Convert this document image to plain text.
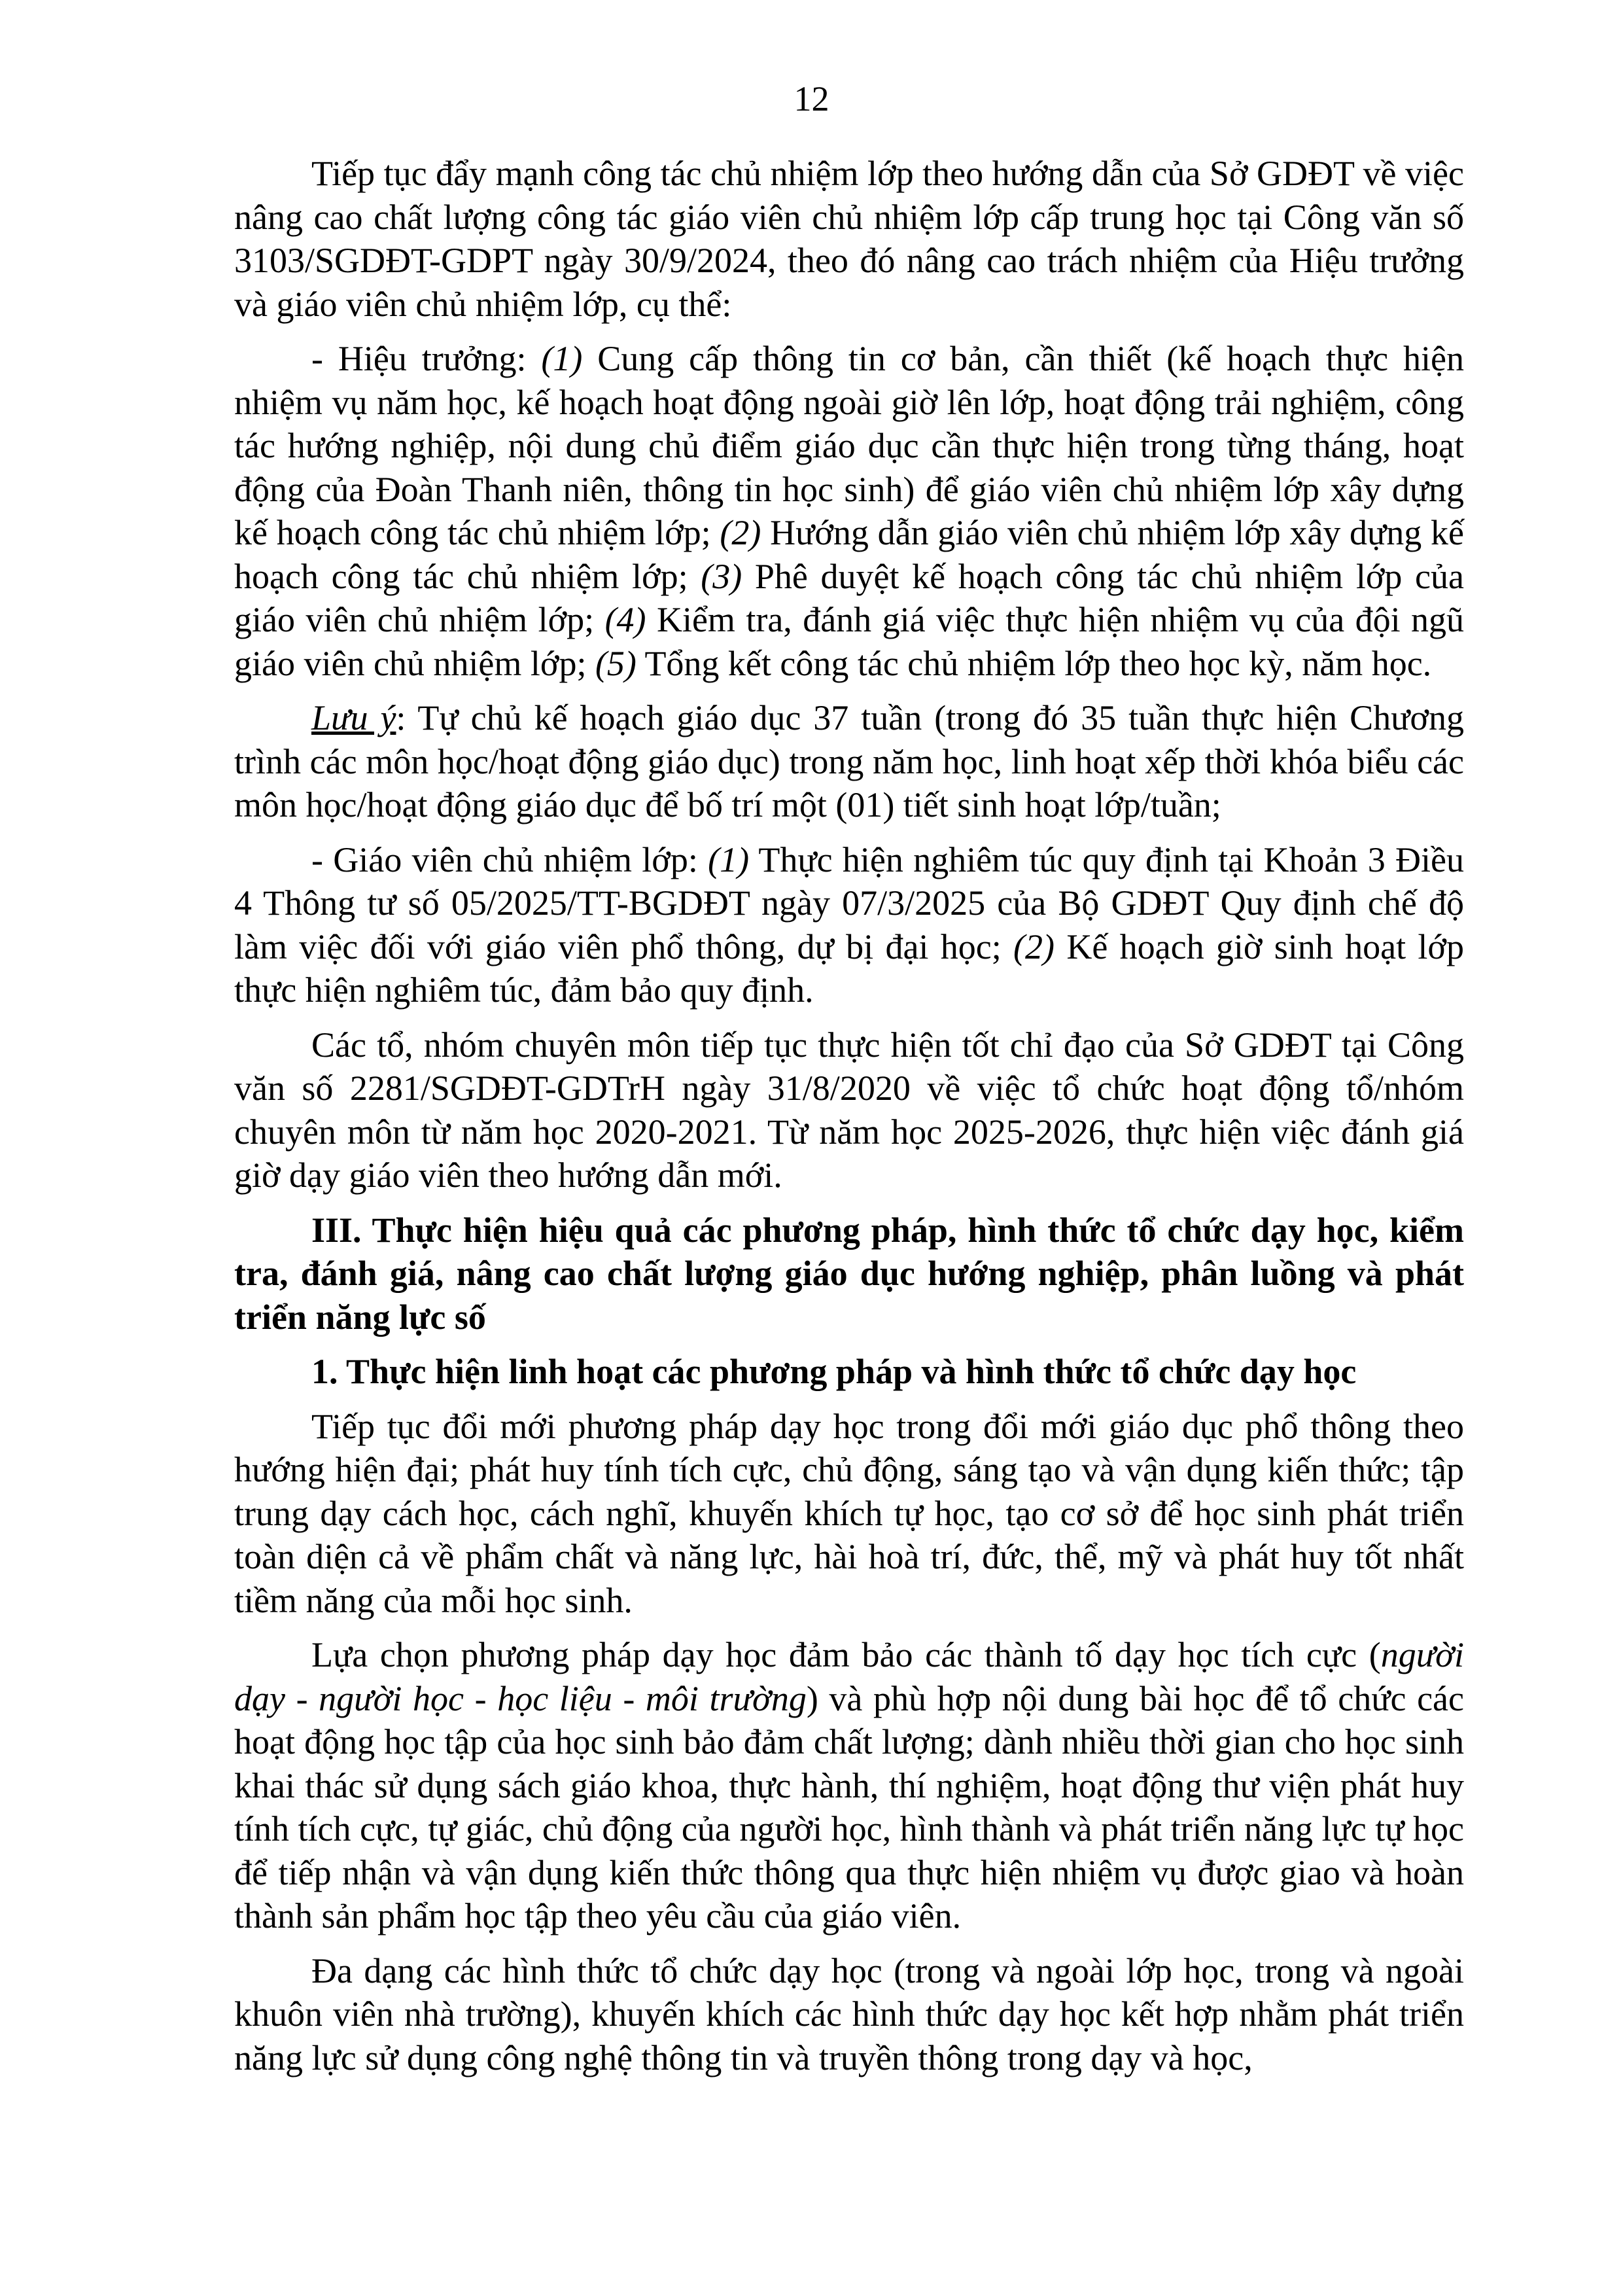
12

Tiếp tục đẩy mạnh công tác chủ nhiệm lớp theo hướng dẫn của Sở GDĐT về việc nâng cao chất lượng công tác giáo viên chủ nhiệm lớp cấp trung học tại Công văn số 3103/SGDĐT-GDPT ngày 30/9/2024, theo đó nâng cao trách nhiệm của Hiệu trưởng và giáo viên chủ nhiệm lớp, cụ thể:

- Hiệu trưởng: (1) Cung cấp thông tin cơ bản, cần thiết (kế hoạch thực hiện nhiệm vụ năm học, kế hoạch hoạt động ngoài giờ lên lớp, hoạt động trải nghiệm, công tác hướng nghiệp, nội dung chủ điểm giáo dục cần thực hiện trong từng tháng, hoạt động của Đoàn Thanh niên, thông tin học sinh) để giáo viên chủ nhiệm lớp xây dựng kế hoạch công tác chủ nhiệm lớp; (2) Hướng dẫn giáo viên chủ nhiệm lớp xây dựng kế hoạch công tác chủ nhiệm lớp; (3) Phê duyệt kế hoạch công tác chủ nhiệm lớp của giáo viên chủ nhiệm lớp; (4) Kiểm tra, đánh giá việc thực hiện nhiệm vụ của đội ngũ giáo viên chủ nhiệm lớp; (5) Tổng kết công tác chủ nhiệm lớp theo học kỳ, năm học.

Lưu ý: Tự chủ kế hoạch giáo dục 37 tuần (trong đó 35 tuần thực hiện Chương trình các môn học/hoạt động giáo dục) trong năm học, linh hoạt xếp thời khóa biểu các môn học/hoạt động giáo dục để bố trí một (01) tiết sinh hoạt lớp/tuần;

- Giáo viên chủ nhiệm lớp: (1) Thực hiện nghiêm túc quy định tại Khoản 3 Điều 4 Thông tư số 05/2025/TT-BGDĐT ngày 07/3/2025 của Bộ GDĐT Quy định chế độ làm việc đối với giáo viên phổ thông, dự bị đại học; (2) Kế hoạch giờ sinh hoạt lớp thực hiện nghiêm túc, đảm bảo quy định.

Các tổ, nhóm chuyên môn tiếp tục thực hiện tốt chỉ đạo của Sở GDĐT tại Công văn số 2281/SGDĐT-GDTrH ngày 31/8/2020 về việc tổ chức hoạt động tổ/nhóm chuyên môn từ năm học 2020-2021. Từ năm học 2025-2026, thực hiện việc đánh giá giờ dạy giáo viên theo hướng dẫn mới.

III. Thực hiện hiệu quả các phương pháp, hình thức tổ chức dạy học, kiểm tra, đánh giá, nâng cao chất lượng giáo dục hướng nghiệp, phân luồng và phát triển năng lực số

1. Thực hiện linh hoạt các phương pháp và hình thức tổ chức dạy học

Tiếp tục đổi mới phương pháp dạy học trong đổi mới giáo dục phổ thông theo hướng hiện đại; phát huy tính tích cực, chủ động, sáng tạo và vận dụng kiến thức; tập trung dạy cách học, cách nghĩ, khuyến khích tự học, tạo cơ sở để học sinh phát triển toàn diện cả về phẩm chất và năng lực, hài hoà trí, đức, thể, mỹ và phát huy tốt nhất tiềm năng của mỗi học sinh.

Lựa chọn phương pháp dạy học đảm bảo các thành tố dạy học tích cực (người dạy - người học - học liệu - môi trường) và phù hợp nội dung bài học để tổ chức các hoạt động học tập của học sinh bảo đảm chất lượng; dành nhiều thời gian cho học sinh khai thác sử dụng sách giáo khoa, thực hành, thí nghiệm, hoạt động thư viện phát huy tính tích cực, tự giác, chủ động của người học, hình thành và phát triển năng lực tự học để tiếp nhận và vận dụng kiến thức thông qua thực hiện nhiệm vụ được giao và hoàn thành sản phẩm học tập theo yêu cầu của giáo viên.

Đa dạng các hình thức tổ chức dạy học (trong và ngoài lớp học, trong và ngoài khuôn viên nhà trường), khuyến khích các hình thức dạy học kết hợp nhằm phát triển năng lực sử dụng công nghệ thông tin và truyền thông trong dạy và học,
